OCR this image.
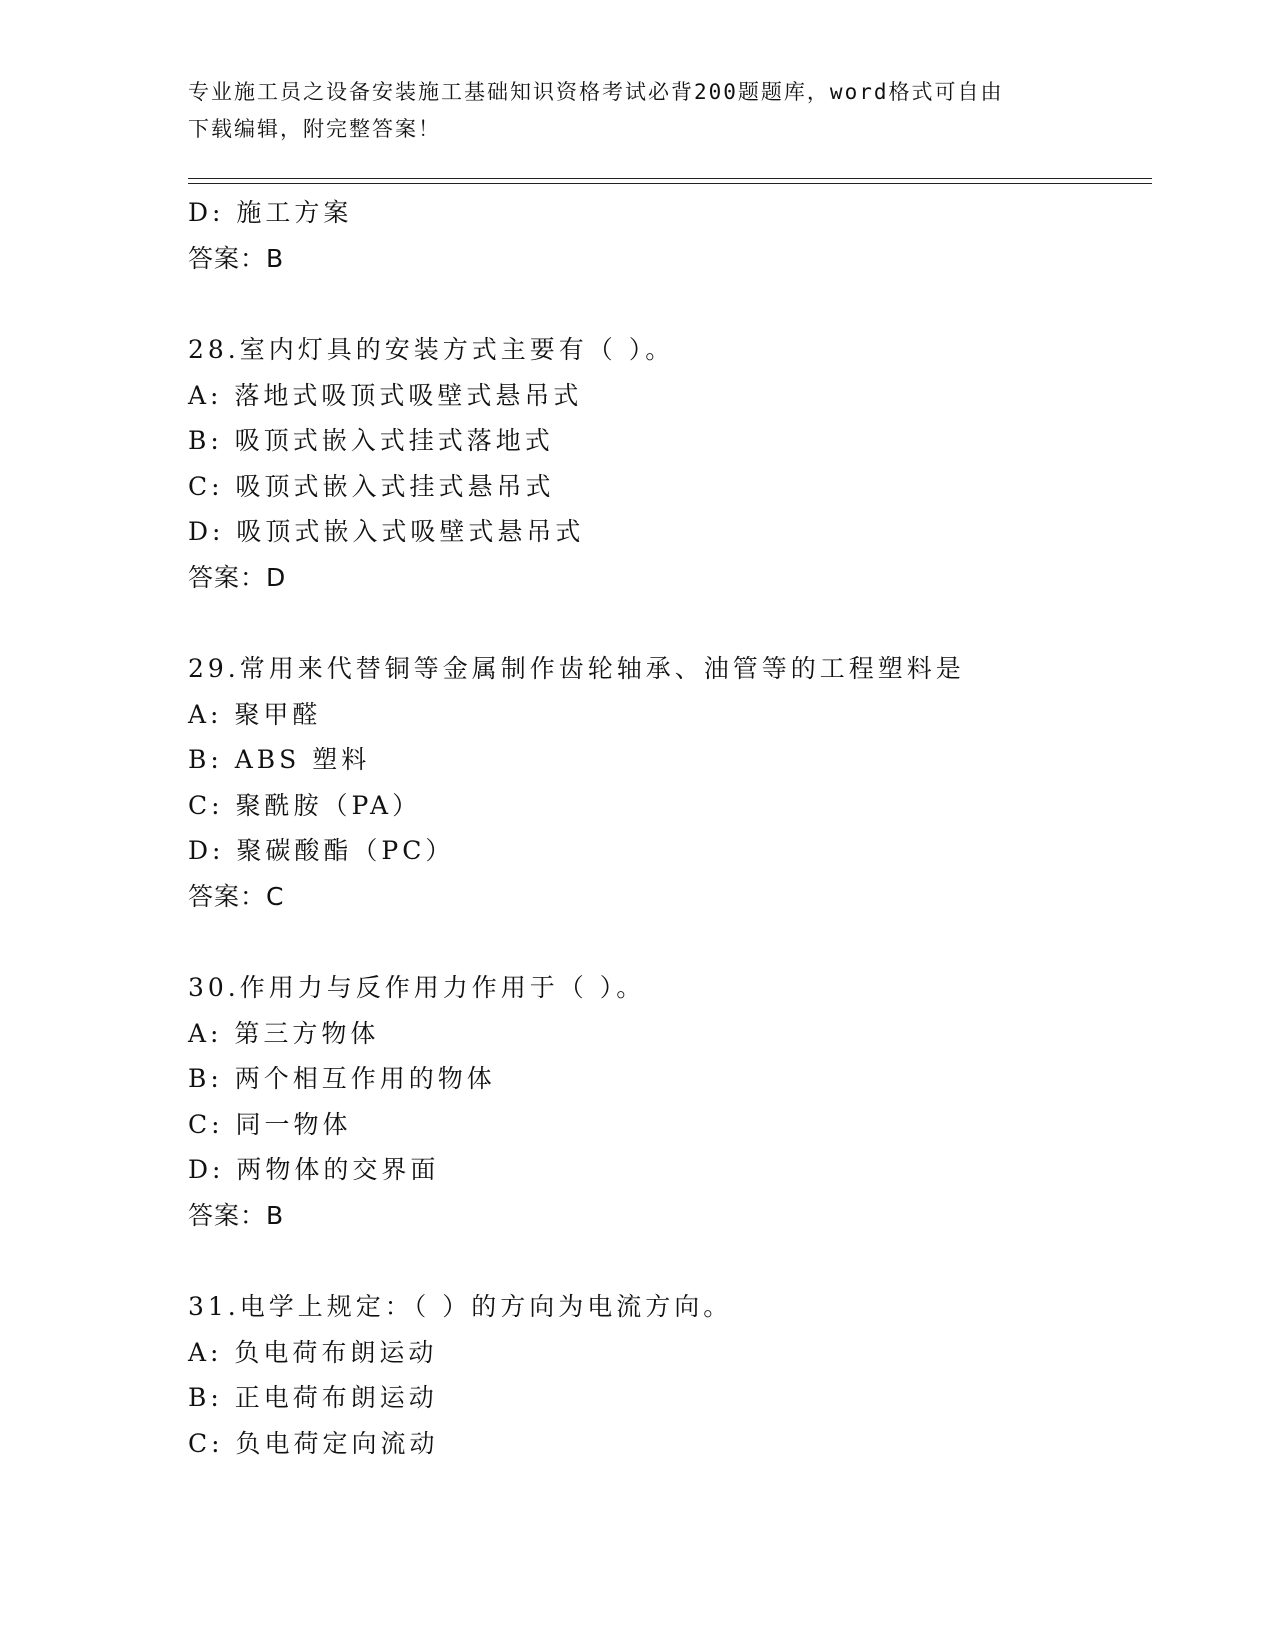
专业施工员之设备安装施工基础知识资格考试必背200题题库，word格式可自由
下载编辑，附完整答案！
D: 施工方案
答案：B
28.室内灯具的安装方式主要有（ ）。
A: 落地式吸顶式吸壁式悬吊式
B: 吸顶式嵌入式挂式落地式
C: 吸顶式嵌入式挂式悬吊式
D: 吸顶式嵌入式吸壁式悬吊式
答案：D
29.常用来代替铜等金属制作齿轮轴承、油管等的工程塑料是
A: 聚甲醛
B: ABS 塑料
C: 聚酰胺（PA）
D: 聚碳酸酯（PC）
答案：C
30.作用力与反作用力作用于（ ）。
A: 第三方物体
B: 两个相互作用的物体
C: 同一物体
D: 两物体的交界面
答案：B
31.电学上规定：（ ）的方向为电流方向。
A: 负电荷布朗运动
B: 正电荷布朗运动
C: 负电荷定向流动
